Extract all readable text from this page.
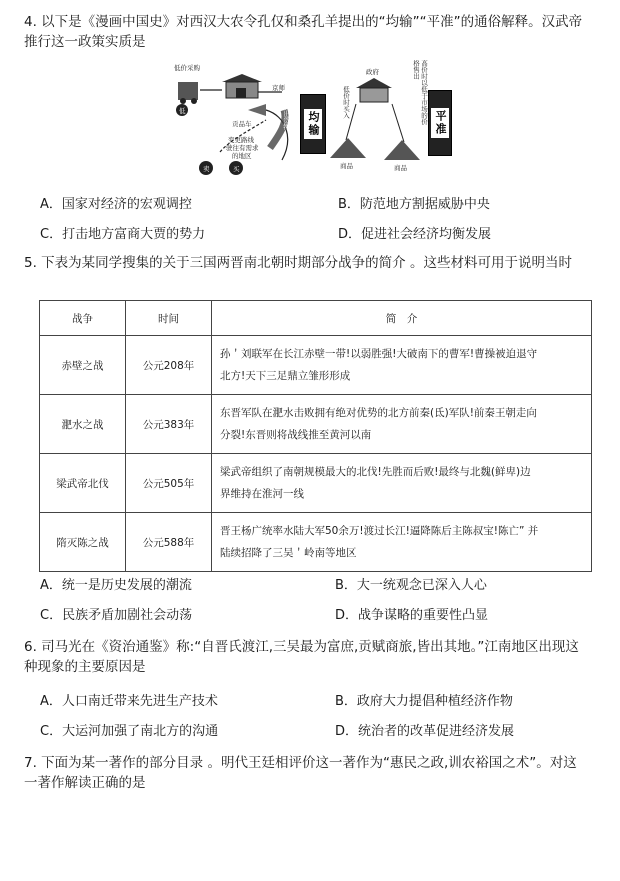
4. 以下是《漫画中国史》对西汉大农令孔仅和桑孔羊提出的“均输”“平准”的通俗解释。汉武帝
推行这一政策实质是
低价采购
京师
贡品车	卖出货物
变更路线
驶往有需求
的地区
低
卖	买
均输
政府
低价时买入	高价时以低于市场的价格售出
商品	商品
平准
A．国家对经济的宏观调控	B．防范地方割据威胁中央
C．打击地方富商大贾的势力	D．促进社会经济均衡发展
5. 下表为某同学搜集的关于三国两晋南北朝时期部分战争的简介 。这些材料可用于说明当时
战争	时间	简　介
赤壁之战	公元208年	孙＇刘联军在长江赤壁一带!以弱胜强!大破南下的曹军!曹操被迫退守
北方!天下三足鼎立雏形形成

淝水之战	公元383年	东晋军队在淝水击败拥有绝对优势的北方前秦(氐)军队!前秦王朝走向
分裂!东晋则将战线推至黄河以南

梁武帝北伐	公元505年	梁武帝组织了南朝规模最大的北伐!先胜而后败!最终与北魏(鲜卑)边
界维持在淮河一线

隋灭陈之战	公元588年	晋王杨广统率水陆大军50余万!渡过长江!逼降陈后主陈叔宝!陈亡” 并
陆续招降了三吴＇岭南等地区
A．统一是历史发展的潮流	B．大一统观念已深入人心
C．民族矛盾加剧社会动荡	D．战争谋略的重要性凸显
6. 司马光在《资治通鉴》称:“自晋氏渡江,三吴最为富庶,贡赋商旅,皆出其地。”江南地区出现这
种现象的主要原因是
A．人口南迁带来先进生产技术	B．政府大力提倡种植经济作物
C．大运河加强了南北方的沟通	D．统治者的改革促进经济发展
7. 下面为某一著作的部分目录 。明代王廷相评价这一著作为“惠民之政,训农裕国之术”。对这
一著作解读正确的是
